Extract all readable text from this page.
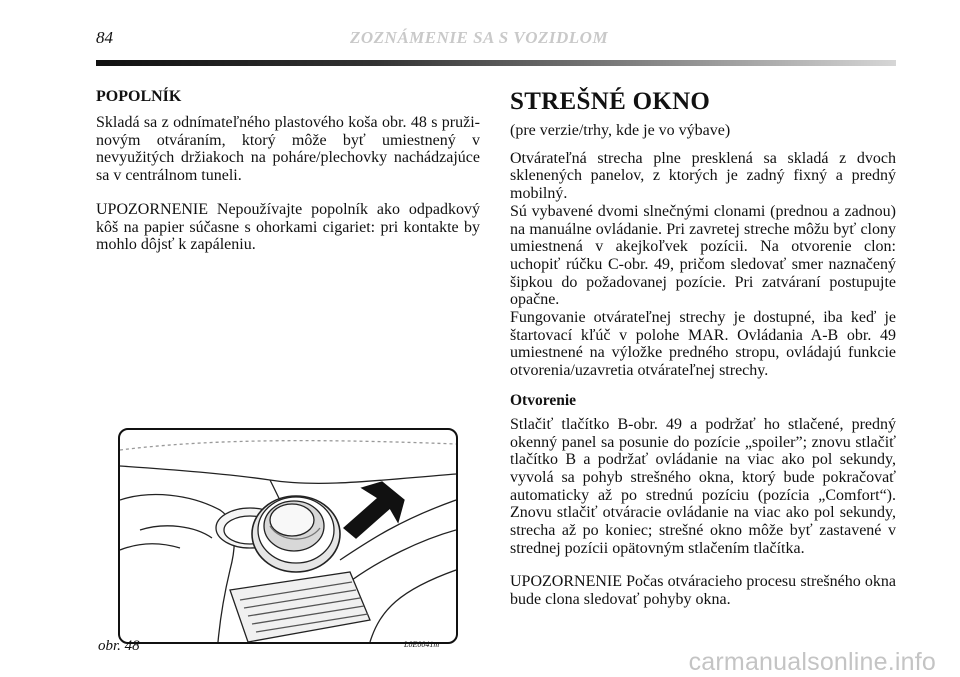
84	ZOZNÁMENIE SA S VOZIDLOM
POPOLNÍK

Skladá sa z odnímateľného plastového koša obr. 48 s pružinovým otváraním, ktorý môže byť umiestnený v nevyužitých držiakoch na poháre/plechovky nachádzajúce sa v centrálnom tuneli.

UPOZORNENIE Nepoužívajte popolník ako odpadkový kôš na papier súčasne s ohorkami cigariet: pri kontakte by mohlo dôjsť k zapáleniu.

obr. 48	L0E0041m
STREŠNÉ OKNO

(pre verzie/trhy, kde je vo výbave)

Otvárateľná strecha plne presklená sa skladá z dvoch sklenených panelov, z ktorých je zadný fixný a predný mobilný.

Sú vybavené dvomi slnečnými clonami (prednou a zadnou) na manuálne ovládanie. Pri zavretej streche môžu byť clony umiestnená v akejkoľvek pozícii. Na otvorenie clon: uchopiť rúčku C-obr. 49, pričom sledovať smer naznačený šipkou do požadovanej pozície. Pri zatváraní postupujte opačne.

Fungovanie otvárateľnej strechy je dostupné, iba keď je štartovací kľúč v polohe MAR. Ovládania A-B obr. 49 umiestnené na výložke predného stropu, ovládajú funkcie otvorenia/uzavretia otvárateľnej strechy.

Otvorenie

Stlačiť tlačítko B-obr. 49 a podržať ho stlačené, predný okenný panel sa posunie do pozície „spoiler”; znovu stlačiť tlačítko B a podržať ovládanie na viac ako pol sekundy, vyvolá sa pohyb strešného okna, ktorý bude pokračovať automaticky až po strednú pozíciu (pozícia „Comfort“). Znovu stlačiť otváracie ovládanie na viac ako pol sekundy, strecha až po koniec; strešné okno môže byť zastavené v strednej pozícii opätovným stlačením tlačítka.

UPOZORNENIE Počas otváracieho procesu strešného okna bude clona sledovať pohyby okna.

carmanualsonline.info
